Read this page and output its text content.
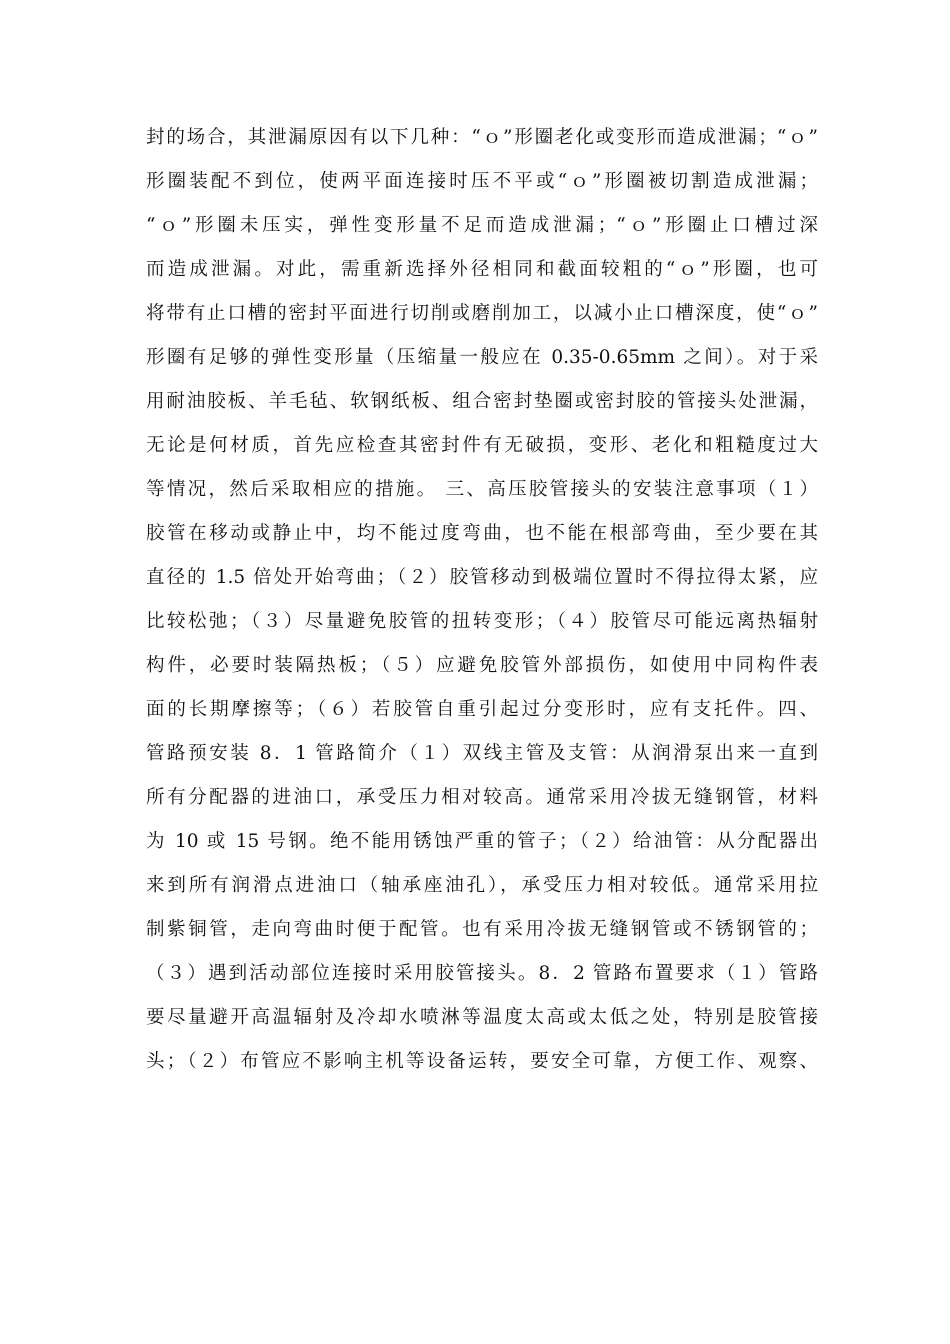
封的场合，其泄漏原因有以下几种：“ｏ”形圈老化或变形而造成泄漏；“ｏ”
形圈装配不到位，使两平面连接时压不平或“ｏ”形圈被切割造成泄漏；
“ｏ”形圈未压实，弹性变形量不足而造成泄漏；“ｏ”形圈止口槽过深
而造成泄漏。对此，需重新选择外径相同和截面较粗的“ｏ”形圈，也可
将带有止口槽的密封平面进行切削或磨削加工，以减小止口槽深度，使“ｏ”
形圈有足够的弹性变形量（压缩量一般应在 0.35-0.65mm 之间）。对于采
用耐油胶板、羊毛毡、软钢纸板、组合密封垫圈或密封胶的管接头处泄漏，
无论是何材质，首先应检查其密封件有无破损，变形、老化和粗糙度过大
等情况，然后采取相应的措施。 三、高压胶管接头的安装注意事项（１）
胶管在移动或静止中，均不能过度弯曲，也不能在根部弯曲，至少要在其
直径的 1.5 倍处开始弯曲；（２）胶管移动到极端位置时不得拉得太紧，应
比较松弛；（３）尽量避免胶管的扭转变形；（４）胶管尽可能远离热辐射
构件，必要时装隔热板；（５）应避免胶管外部损伤，如使用中同构件表
面的长期摩擦等；（６）若胶管自重引起过分变形时，应有支托件。四、
管路预安装 8．1 管路简介（１）双线主管及支管：从润滑泵出来一直到
所有分配器的进油口，承受压力相对较高。通常采用冷拔无缝钢管，材料
为 10 或 15 号钢。绝不能用锈蚀严重的管子；（２）给油管：从分配器出
来到所有润滑点进油口（轴承座油孔），承受压力相对较低。通常采用拉
制紫铜管，走向弯曲时便于配管。也有采用冷拔无缝钢管或不锈钢管的；
（３）遇到活动部位连接时采用胶管接头。8．2 管路布置要求（１）管路
要尽量避开高温辐射及冷却水喷淋等温度太高或太低之处，特别是胶管接
头；（２）布管应不影响主机等设备运转，要安全可靠，方便工作、观察、
